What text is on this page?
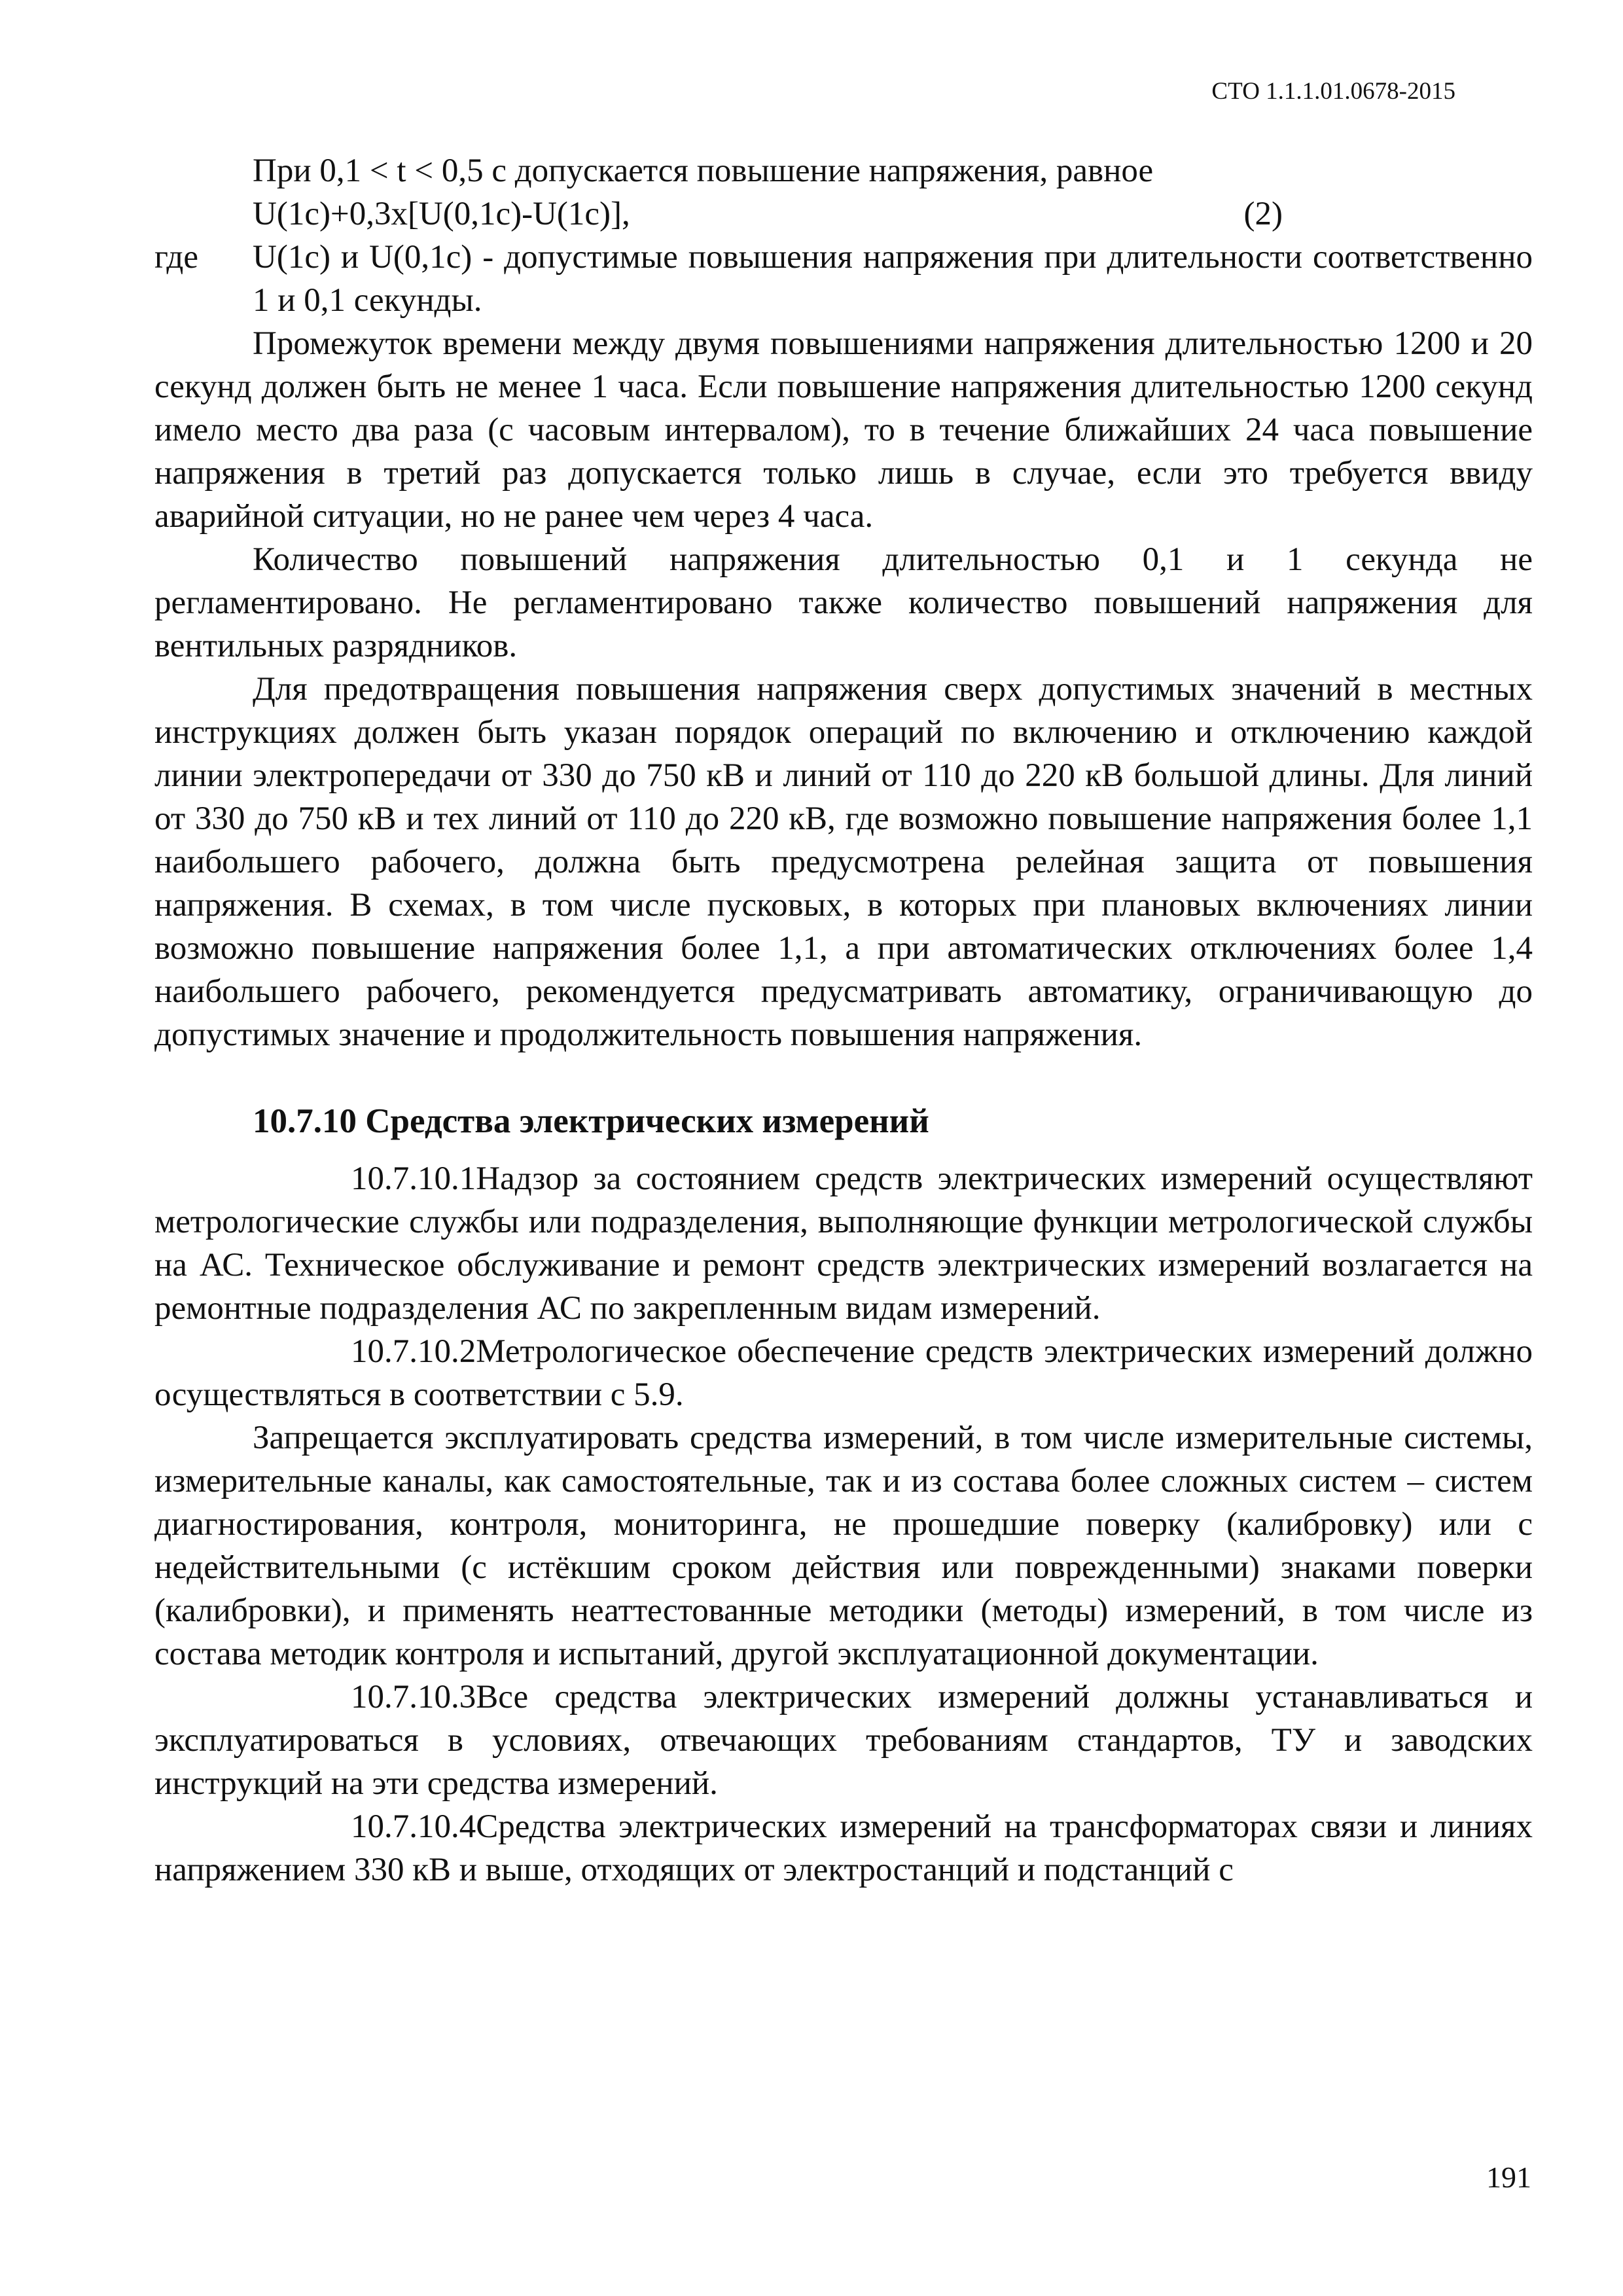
СТО 1.1.1.01.0678-2015

При 0,1 < t < 0,5 с допускается повышение напряжения, равное

U(1c)+0,3x[U(0,1c)-U(1c)],	(2)
где	U(1c) и U(0,1c) - допустимые повышения напряжения при длительности соответственно 1 и 0,1 секунды.

Промежуток времени между двумя повышениями напряжения длительностью 1200 и 20 секунд должен быть не менее 1 часа. Если повышение напряжения длительностью 1200 секунд имело место два раза (с часовым интервалом), то в течение ближайших 24 часа повышение напряжения в третий раз допускается только лишь в случае, если это требуется ввиду аварийной ситуации, но не ранее чем через 4 часа.

Количество повышений напряжения длительностью 0,1 и 1 секунда не регламентировано. Не регламентировано также количество повышений напряжения для вентильных разрядников.

Для предотвращения повышения напряжения сверх допустимых значений в местных инструкциях должен быть указан порядок операций по включению и отключению каждой линии электропередачи от 330 до 750 кВ и линий от 110 до 220 кВ большой длины. Для линий от 330 до 750 кВ и тех линий от 110 до 220 кВ, где возможно повышение напряжения более 1,1 наибольшего рабочего, должна быть предусмотрена релейная защита от повышения напряжения. В схемах, в том числе пусковых, в которых при плановых включениях линии возможно повышение напряжения более 1,1, а при автоматических отключениях более 1,4 наибольшего рабочего, рекомендуется предусматривать автоматику, ограничивающую до допустимых значение и продолжительность повышения напряжения.

10.7.10 Средства электрических измерений

10.7.10.1Надзор за состоянием средств электрических измерений осуществляют метрологические службы или подразделения, выполняющие функции метрологической службы на АС. Техническое обслуживание и ремонт средств электрических измерений возлагается на ремонтные подразделения АС по закрепленным видам измерений.

10.7.10.2Метрологическое обеспечение средств электрических измерений должно осуществляться в соответствии с 5.9.

Запрещается эксплуатировать средства измерений, в том числе измерительные системы, измерительные каналы, как самостоятельные, так и из состава более сложных систем – систем диагностирования, контроля, мониторинга, не прошедшие поверку (калибровку) или с недействительными (с истёкшим сроком действия или поврежденными) знаками поверки (калибровки), и применять неаттестованные методики (методы) измерений, в том числе из состава методик контроля и испытаний, другой эксплуатационной документации.

10.7.10.3Все средства электрических измерений должны устанавливаться и эксплуатироваться в условиях, отвечающих требованиям стандартов, ТУ и заводских инструкций на эти средства измерений.

10.7.10.4Средства электрических измерений на трансформаторах связи и линиях напряжением 330 кВ и выше, отходящих от электростанций и подстанций с

191
